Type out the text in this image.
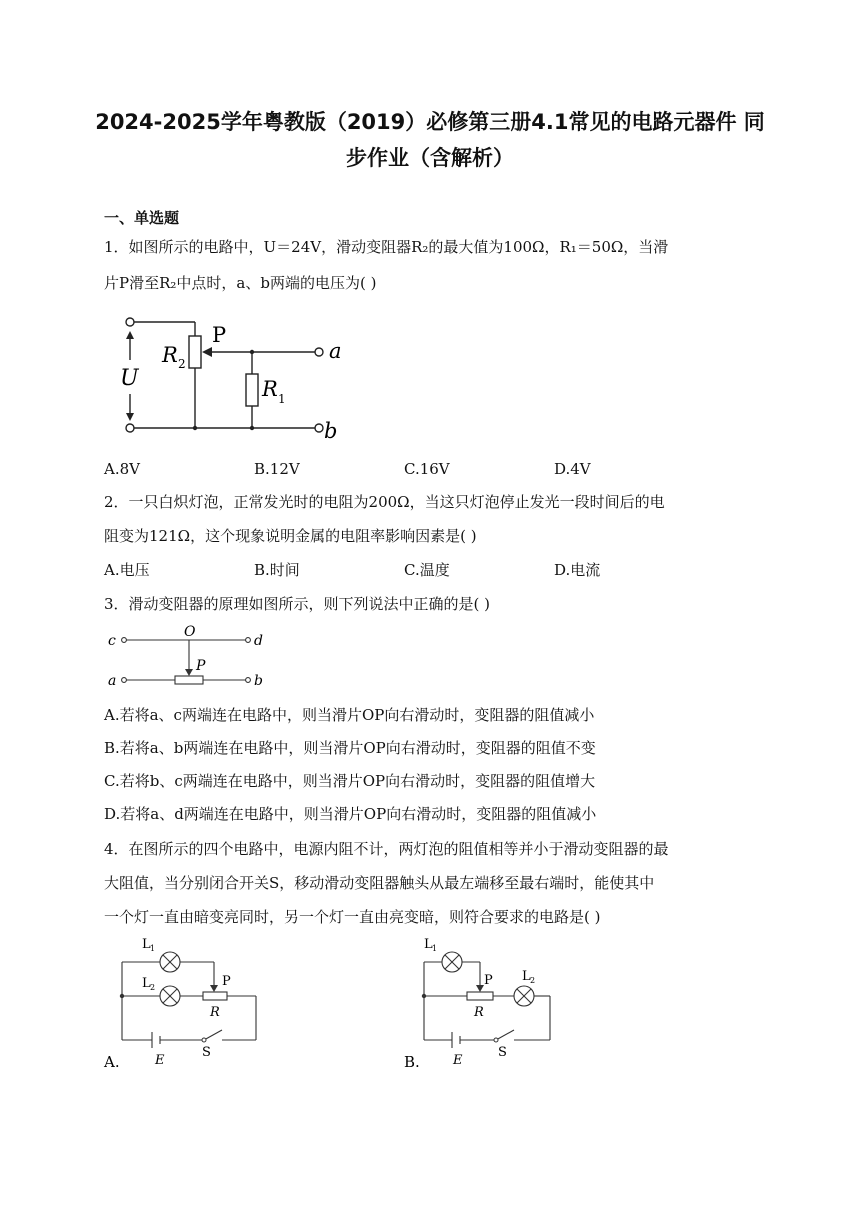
2024-2025学年粤教版（2019）必修第三册4.1常见的电路元器件 同
步作业（含解析）

一、单选题

1．如图所示的电路中，U＝24V，滑动变阻器R₂的最大值为100Ω，R₁＝50Ω，当滑

片P滑至R₂中点时，a、b两端的电压为( )

P
R 2
U	R 1
a
b

A.8V	B.12V	C.16V	D.4V

2．一只白炽灯泡，正常发光时的电阻为200Ω，当这只灯泡停止发光一段时间后的电

阻变为121Ω，这个现象说明金属的电阻率影响因素是( )

A.电压	B.时间	C.温度	D.电流

3．滑动变阻器的原理如图所示，则下列说法中正确的是( )

c
O
d
P
a	b

A.若将a、c两端连在电路中，则当滑片OP向右滑动时，变阻器的阻值减小

B.若将a、b两端连在电路中，则当滑片OP向右滑动时，变阻器的阻值不变

C.若将b、c两端连在电路中，则当滑片OP向右滑动时，变阻器的阻值增大

D.若将a、d两端连在电路中，则当滑片OP向右滑动时，变阻器的阻值减小

4．在图所示的四个电路中，电源内阻不计，两灯泡的阻值相等并小于滑动变阻器的最

大阻值，当分别闭合开关S，移动滑动变阻器触头从最左端移至最右端时，能使其中

一个灯一直由暗变亮同时，另一个灯一直由亮变暗，则符合要求的电路是( )

L 1
L 2	P
R
E
S
A.
L 1
L 2
P
R
E
S
B.
